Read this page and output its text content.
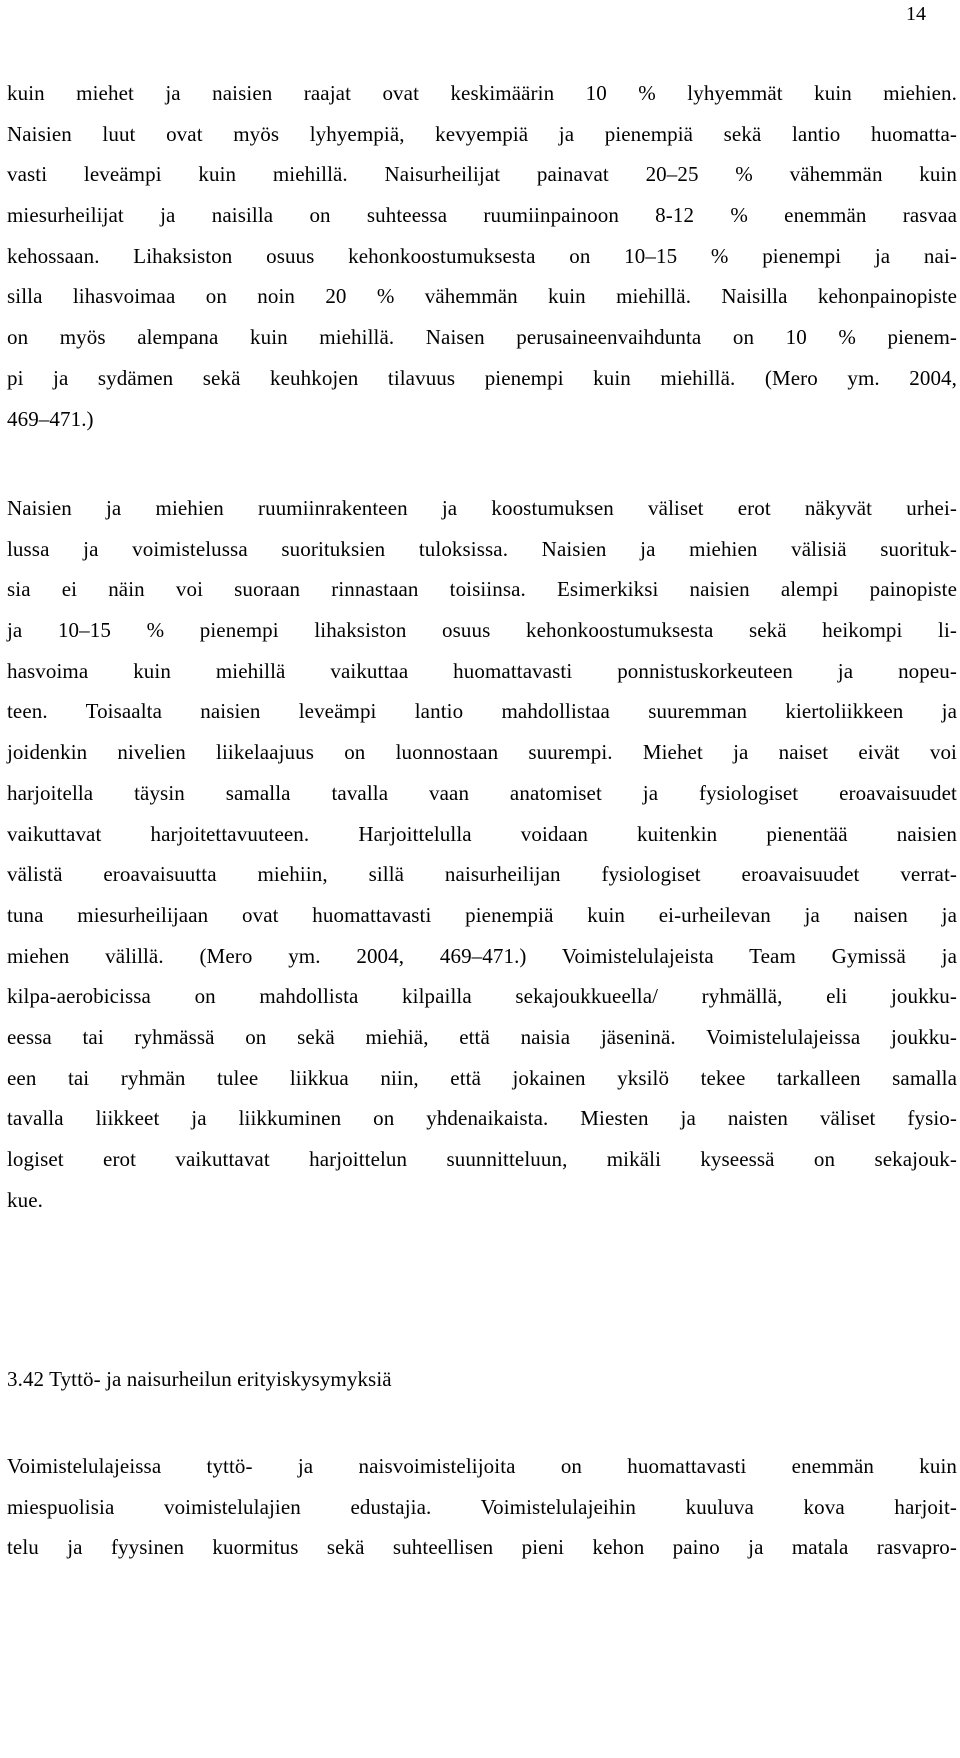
14
kuin miehet ja naisien raajat ovat keskimäärin 10 % lyhyemmät kuin miehien.
Naisien luut ovat myös lyhyempiä, kevyempiä ja pienempiä sekä lantio huomatta-
vasti leveämpi kuin miehillä. Naisurheilijat painavat 20–25 % vähemmän kuin
miesurheilijat ja naisilla on suhteessa ruumiinpainoon 8-12 % enemmän rasvaa
kehossaan. Lihaksiston osuus kehonkoostumuksesta on 10–15 % pienempi ja nai-
silla lihasvoimaa on noin 20 % vähemmän kuin miehillä. Naisilla kehonpainopiste
on myös alempana kuin miehillä. Naisen perusaineenvaihdunta on 10 % pienem-
pi ja sydämen sekä keuhkojen tilavuus pienempi kuin miehillä. (Mero ym. 2004,
469–471.)
Naisien ja miehien ruumiinrakenteen ja koostumuksen väliset erot näkyvät urhei-
lussa ja voimistelussa suorituksien tuloksissa. Naisien ja miehien välisiä suorituk-
sia ei näin voi suoraan rinnastaan toisiinsa. Esimerkiksi naisien alempi painopiste
ja 10–15 % pienempi lihaksiston osuus kehonkoostumuksesta sekä heikompi li-
hasvoima kuin miehillä vaikuttaa huomattavasti ponnistuskorkeuteen ja nopeu-
teen. Toisaalta naisien leveämpi lantio mahdollistaa suuremman kiertoliikkeen ja
joidenkin nivelien liikelaajuus on luonnostaan suurempi. Miehet ja naiset eivät voi
harjoitella täysin samalla tavalla vaan anatomiset ja fysiologiset eroavaisuudet
vaikuttavat harjoitettavuuteen. Harjoittelulla voidaan kuitenkin pienentää naisien
välistä eroavaisuutta miehiin, sillä naisurheilijan fysiologiset eroavaisuudet verrat-
tuna miesurheilijaan ovat huomattavasti pienempiä kuin ei-urheilevan ja naisen ja
miehen välillä. (Mero ym. 2004, 469–471.) Voimistelulajeista Team Gymissä ja
kilpa-aerobicissa on mahdollista kilpailla sekajoukkueella/ ryhmällä, eli joukku-
eessa tai ryhmässä on sekä miehiä, että naisia jäseninä. Voimistelulajeissa joukku-
een tai ryhmän tulee liikkua niin, että jokainen yksilö tekee tarkalleen samalla
tavalla liikkeet ja liikkuminen on yhdenaikaista. Miesten ja naisten väliset fysio-
logiset erot vaikuttavat harjoittelun suunnitteluun, mikäli kyseessä on sekajouk-
kue.
3.42 Tyttö- ja naisurheilun erityiskysymyksiä
Voimistelulajeissa tyttö- ja naisvoimistelijoita on huomattavasti enemmän kuin
miespuolisia voimistelulajien edustajia. Voimistelulajeihin kuuluva kova harjoit-
telu ja fyysinen kuormitus sekä suhteellisen pieni kehon paino ja matala rasvapro-
